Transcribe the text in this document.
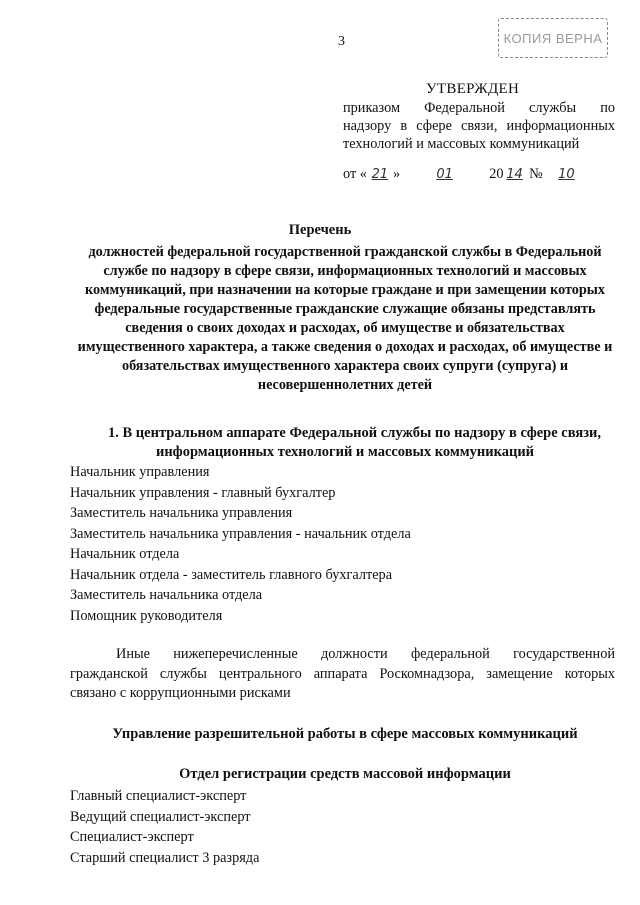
3	КОПИЯ ВЕРНА
УТВЕРЖДЕН
приказом Федеральной службы по
надзору в сфере связи, информационных
технологий и массовых коммуникаций
от « 21 »	01	20 14 № 10
Перечень
должностей федеральной государственной гражданской службы в Федеральной
службе по надзору в сфере связи, информационных технологий и массовых
коммуникаций, при назначении на которые граждане и при замещении которых
федеральные государственные гражданские служащие обязаны представлять
сведения о своих доходах и расходах, об имуществе и обязательствах
имущественного характера, а также сведения о доходах и расходах, об имуществе и
обязательствах имущественного характера своих супруги (супруга) и
несовершеннолетних детей
1. В центральном аппарате Федеральной службы по надзору в сфере связи,
информационных технологий и массовых коммуникаций
Начальник управления
Начальник управления - главный бухгалтер
Заместитель начальника управления
Заместитель начальника управления - начальник отдела
Начальник отдела
Начальник отдела - заместитель главного бухгалтера
Заместитель начальника отдела
Помощник руководителя
Иные нижеперечисленные должности федеральной государственной
гражданской службы центрального аппарата Роскомнадзора, замещение которых
связано с коррупционными рисками
Управление разрешительной работы в сфере массовых коммуникаций
Отдел регистрации средств массовой информации
Главный специалист-эксперт
Ведущий специалист-эксперт
Специалист-эксперт
Старший специалист 3 разряда
